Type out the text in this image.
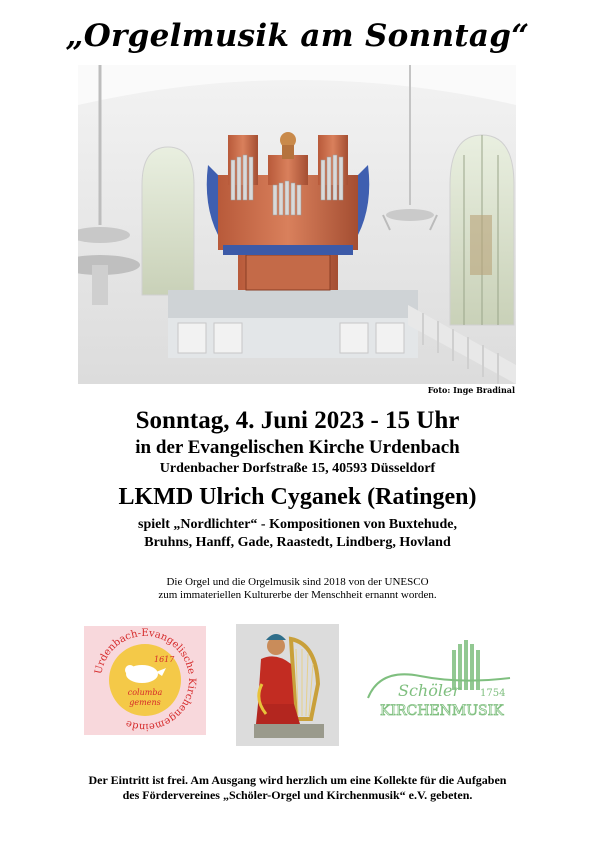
„Orgelmusik am Sonntag“
Foto: Inge Bradinal
Sonntag, 4. Juni 2023 - 15 Uhr
in der Evangelischen Kirche Urdenbach
Urdenbacher Dorfstraße 15, 40593 Düsseldorf
LKMD Ulrich Cyganek (Ratingen)
spielt „Nordlichter“ - Kompositionen von Buxtehude,
Bruhns, Hanff, Gade, Raastedt, Lindberg, Hovland
Die Orgel und die Orgelmusik sind 2018 von der UNESCO
zum immateriellen Kulturerbe der Menschheit ernannt worden.
Urdenbach-Evangelische Kirchengemeinde
1617
columba
gemens
Schöler 1754
KIRCHENMUSIK
Der Eintritt ist frei. Am Ausgang wird herzlich um eine Kollekte für die Aufgaben
des Fördervereines „Schöler-Orgel und Kirchenmusik“ e.V. gebeten.
